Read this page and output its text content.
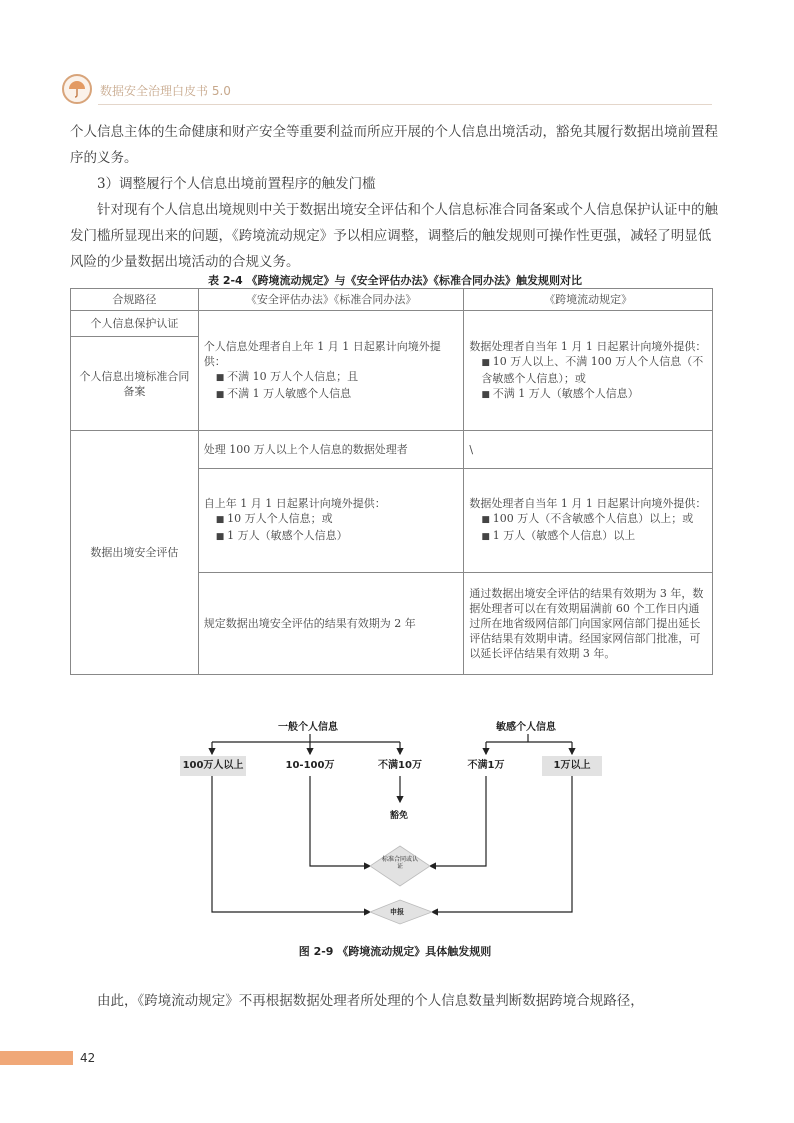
数据安全治理白皮书 5.0
个人信息主体的生命健康和财产安全等重要利益而所应开展的个人信息出境活动，豁免其履行数据出境前置程序的义务。
3）调整履行个人信息出境前置程序的触发门槛
针对现有个人信息出境规则中关于数据出境安全评估和个人信息标准合同备案或个人信息保护认证中的触发门槛所显现出来的问题，《跨境流动规定》予以相应调整，调整后的触发规则可操作性更强，减轻了明显低风险的少量数据出境活动的合规义务。
表 2-4 《跨境流动规定》与《安全评估办法》《标准合同办法》触发规则对比
合规路径	《安全评估办法》《标准合同办法》	《跨境流动规定》
个人信息保护认证	个人信息处理者自上年 1 月 1 日起累计向境外提供：
■ 不满 10 万人个人信息；且
■ 不满 1 万人敏感个人信息	数据处理者自当年 1 月 1 日起累计向境外提供：
■ 10 万人以上、不满 100 万人个人信息（不含敏感个人信息）；或
■ 不满 1 万人（敏感个人信息）

个人信息出境标准合同备案		
数据出境安全评估	处理 100 万人以上个人信息的数据处理者	\
	自上年 1 月 1 日起累计向境外提供：
■ 10 万人个人信息；或
■ 1 万人（敏感个人信息）	数据处理者自当年 1 月 1 日起累计向境外提供：
■ 100 万人（不含敏感个人信息）以上；或
■ 1 万人（敏感个人信息）以上

	规定数据出境安全评估的结果有效期为 2 年	通过数据出境安全评估的结果有效期为 3 年，数据处理者可以在有效期届满前 60 个工作日内通过所在地省级网信部门向国家网信部门提出延长评估结果有效期申请。经国家网信部门批准，可以延长评估结果有效期 3 年。
一般个人信息	敏感个人信息
100万人以上	10-100万	不满10万	不满1万	1万以上
豁免
标准合同或认证
申报
图 2-9 《跨境流动规定》具体触发规则
由此，《跨境流动规定》不再根据数据处理者所处理的个人信息数量判断数据跨境合规路径，
42
